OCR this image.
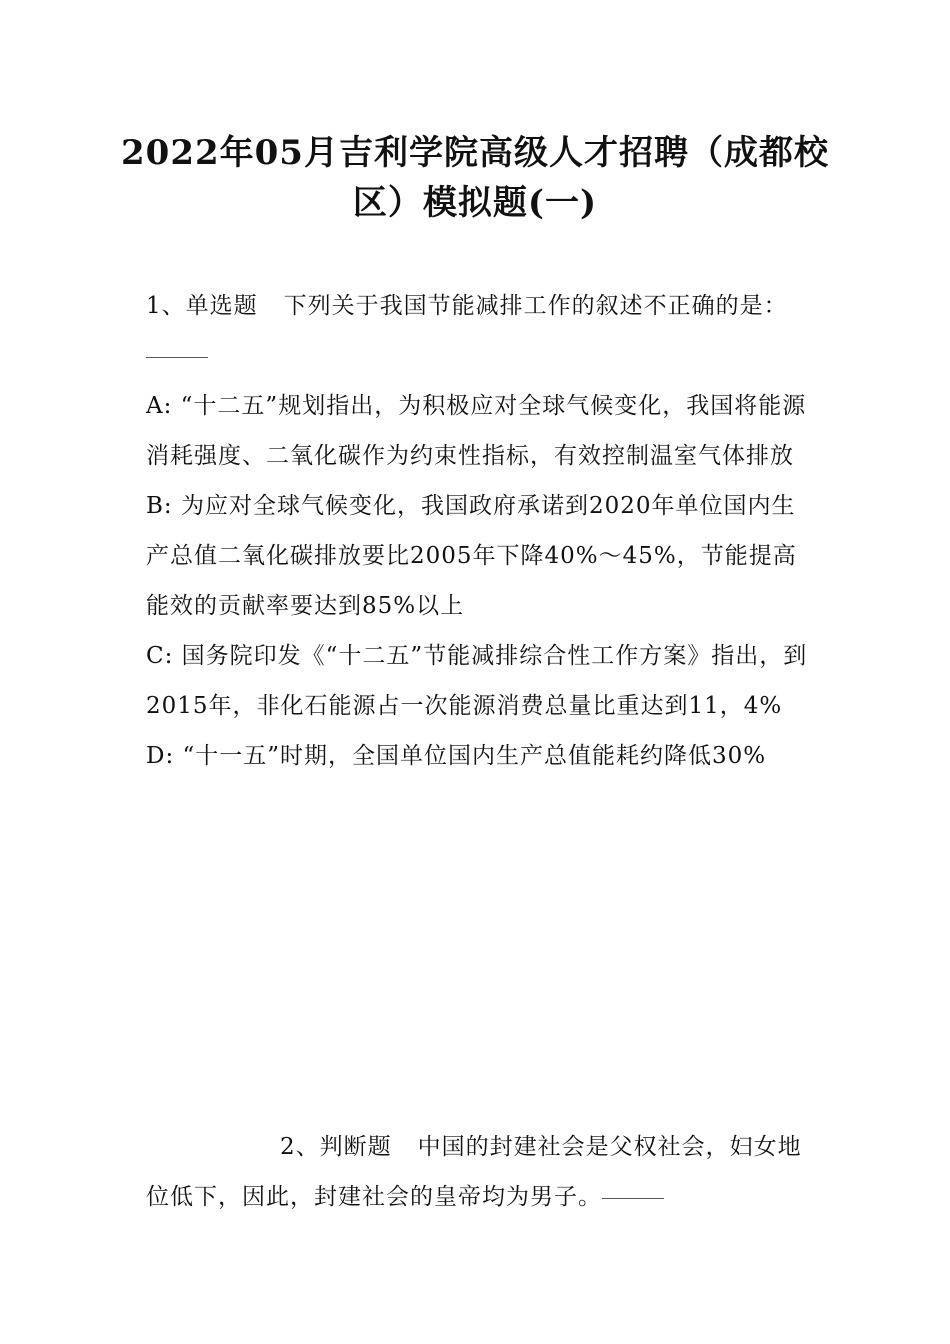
2022年05月吉利学院高级人才招聘（成都校区）模拟题(一)
1、单选题 下列关于我国节能减排工作的叙述不正确的是：
A: “十二五”规划指出，为积极应对全球气候变化，我国将能源消耗强度、二氧化碳作为约束性指标，有效控制温室气体排放
B: 为应对全球气候变化，我国政府承诺到2020年单位国内生产总值二氧化碳排放要比2005年下降40%～45%，节能提高能效的贡献率要达到85%以上
C: 国务院印发《“十二五”节能减排综合性工作方案》指出，到2015年，非化石能源占一次能源消费总量比重达到11，4%
D: “十一五”时期，全国单位国内生产总值能耗约降低30%
2、判断题 中国的封建社会是父权社会，妇女地位低下，因此，封建社会的皇帝均为男子。
